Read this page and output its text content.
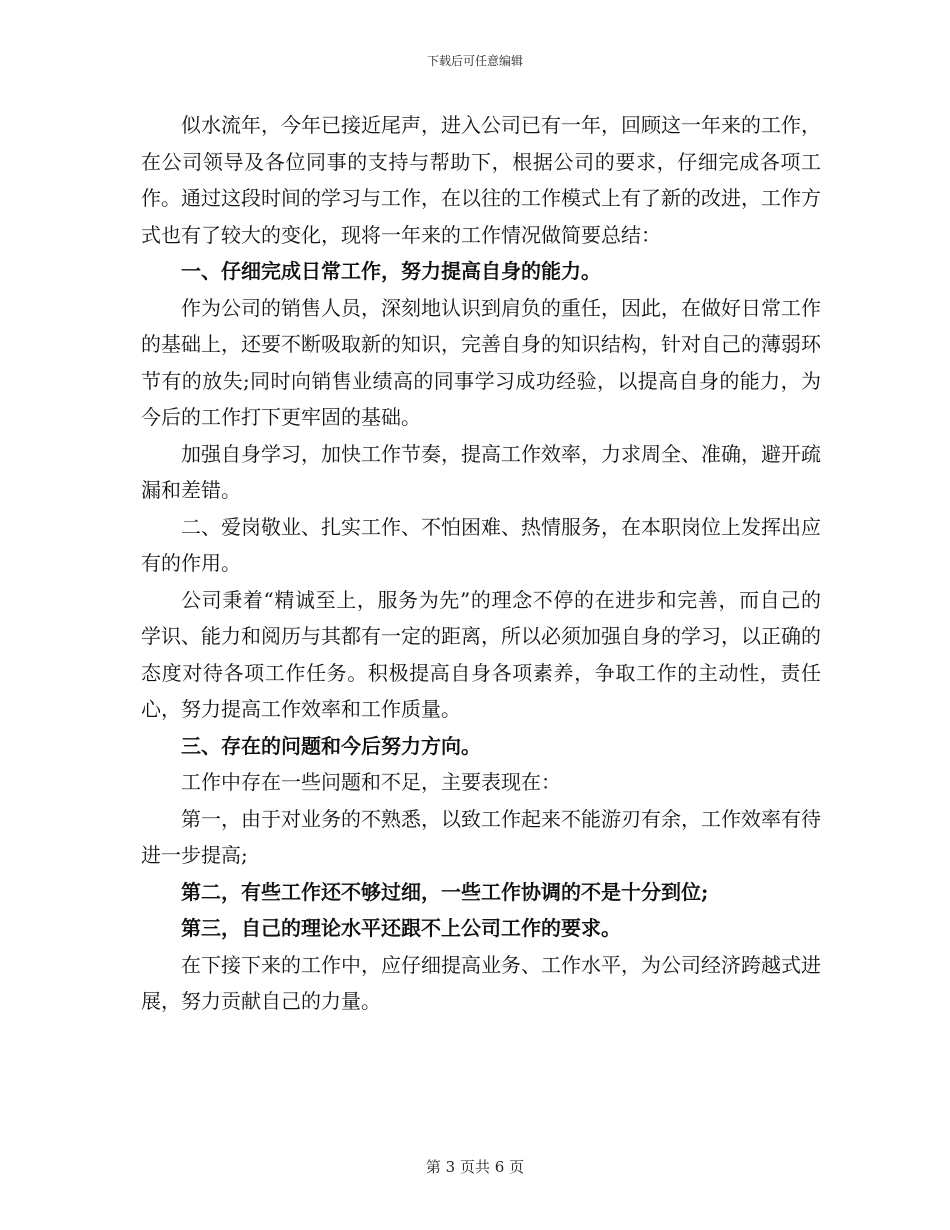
下载后可任意编辑

似水流年，今年已接近尾声，进入公司已有一年，回顾这一年来的工作，在公司领导及各位同事的支持与帮助下，根据公司的要求，仔细完成各项工作。通过这段时间的学习与工作，在以往的工作模式上有了新的改进，工作方式也有了较大的变化，现将一年来的工作情况做简要总结：

一、仔细完成日常工作，努力提高自身的能力。

作为公司的销售人员，深刻地认识到肩负的重任，因此，在做好日常工作的基础上，还要不断吸取新的知识，完善自身的知识结构，针对自己的薄弱环节有的放失;同时向销售业绩高的同事学习成功经验，以提高自身的能力，为今后的工作打下更牢固的基础。

加强自身学习，加快工作节奏，提高工作效率，力求周全、准确，避开疏漏和差错。

二、爱岗敬业、扎实工作、不怕困难、热情服务，在本职岗位上发挥出应有的作用。

公司秉着“精诚至上，服务为先”的理念不停的在进步和完善，而自己的学识、能力和阅历与其都有一定的距离，所以必须加强自身的学习，以正确的态度对待各项工作任务。积极提高自身各项素养，争取工作的主动性，责任心，努力提高工作效率和工作质量。

三、存在的问题和今后努力方向。

工作中存在一些问题和不足，主要表现在：

第一，由于对业务的不熟悉，以致工作起来不能游刃有余，工作效率有待进一步提高;

第二，有些工作还不够过细，一些工作协调的不是十分到位;

第三，自己的理论水平还跟不上公司工作的要求。

在下接下来的工作中，应仔细提高业务、工作水平，为公司经济跨越式进展，努力贡献自己的力量。

第 3 页共 6 页
